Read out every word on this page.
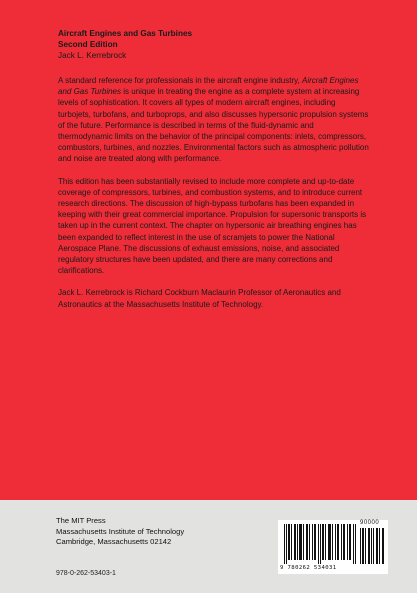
Aircraft Engines and Gas Turbines
Second Edition
Jack L. Kerrebrock

A standard reference for professionals in the aircraft engine industry, Aircraft Engines and Gas Turbines is unique in treating the engine as a complete system at increasing levels of sophistication. It covers all types of modern aircraft engines, including turbojets, turbofans, and turboprops, and also discusses hypersonic propulsion systems of the future. Performance is described in terms of the fluid-dynamic and thermodynamic limits on the behavior of the principal components: inlets, compressors, combustors, turbines, and nozzles. Environmental factors such as atmospheric pollution and noise are treated along with performance.

This edition has been substantially revised to include more complete and up-to-date coverage of compressors, turbines, and combustion systems, and to introduce current research directions. The discussion of high-bypass turbofans has been expanded in keeping with their great commercial importance. Propulsion for supersonic transports is taken up in the current context. The chapter on hypersonic air breathing engines has been expanded to reflect interest in the use of scramjets to power the National Aerospace Plane. The discussions of exhaust emissions, noise, and associated regulatory structures have been updated, and there are many corrections and clarifications.

Jack L. Kerrebrock is Richard Cockburn Maclaurin Professor of Aeronautics and Astronautics at the Massachusetts Institute of Technology.

The MIT Press
Massachusetts Institute of Technology
Cambridge, Massachusetts 02142
978-0-262-53403-1
90000
9 780262 534031
